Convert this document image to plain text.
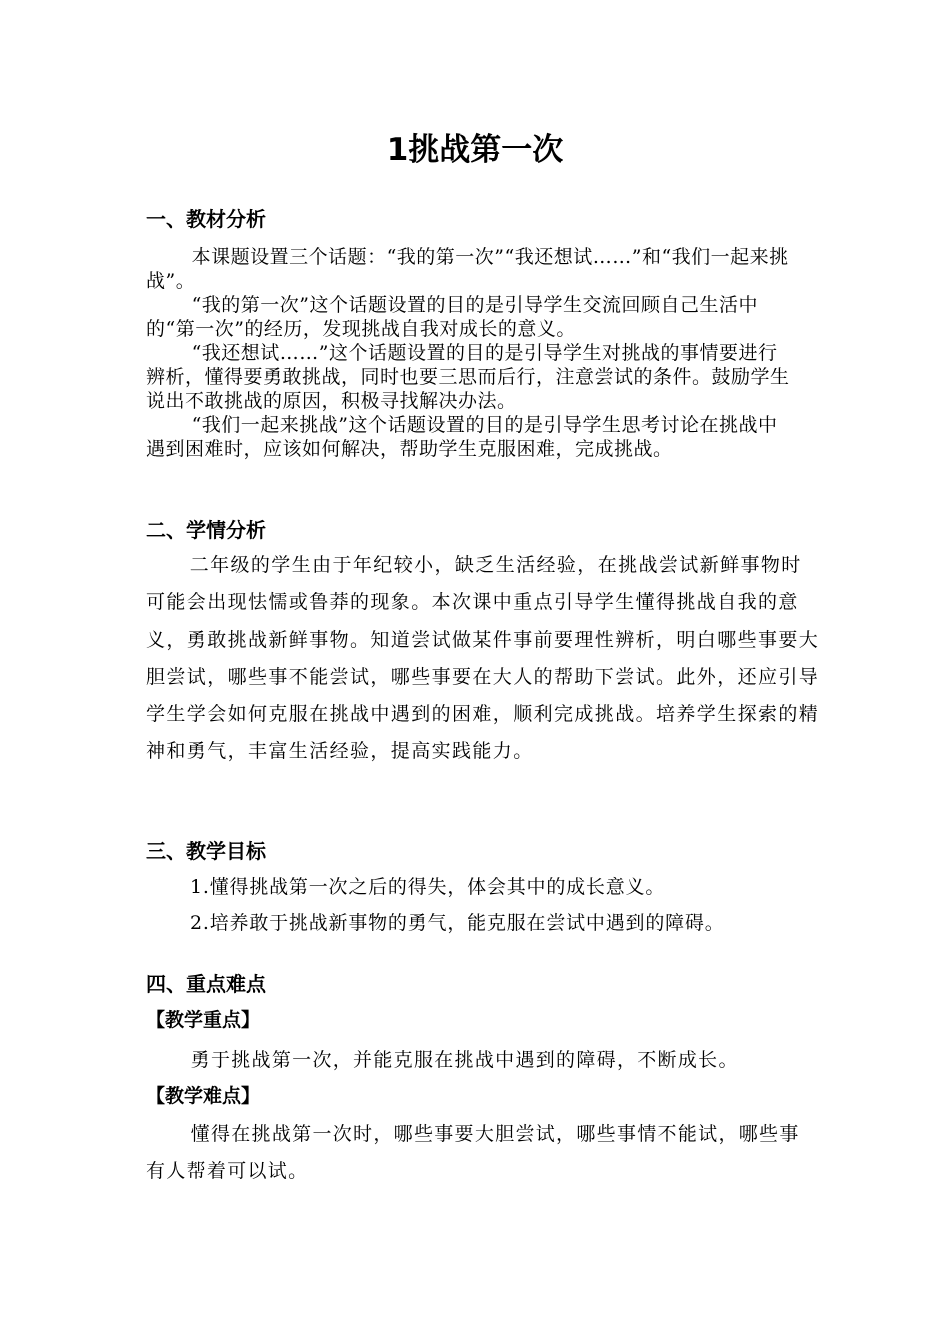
1挑战第一次
一、教材分析

本课题设置三个话题：“我的第一次”“我还想试……”和“我们一起来挑战”。

“我的第一次”这个话题设置的目的是引导学生交流回顾自己生活中的“第一次”的经历，发现挑战自我对成长的意义。

“我还想试……”这个话题设置的目的是引导学生对挑战的事情要进行辨析，懂得要勇敢挑战，同时也要三思而后行，注意尝试的条件。鼓励学生说出不敢挑战的原因，积极寻找解决办法。

“我们一起来挑战”这个话题设置的目的是引导学生思考讨论在挑战中遇到困难时，应该如何解决，帮助学生克服困难，完成挑战。

二、学情分析

二年级的学生由于年纪较小，缺乏生活经验，在挑战尝试新鲜事物时可能会出现怯懦或鲁莽的现象。本次课中重点引导学生懂得挑战自我的意义，勇敢挑战新鲜事物。知道尝试做某件事前要理性辨析，明白哪些事要大胆尝试，哪些事不能尝试，哪些事要在大人的帮助下尝试。此外，还应引导学生学会如何克服在挑战中遇到的困难，顺利完成挑战。培养学生探索的精神和勇气，丰富生活经验，提高实践能力。

三、教学目标

1.懂得挑战第一次之后的得失，体会其中的成长意义。

2.培养敢于挑战新事物的勇气，能克服在尝试中遇到的障碍。

四、重点难点
【教学重点】

勇于挑战第一次，并能克服在挑战中遇到的障碍，不断成长。

【教学难点】

懂得在挑战第一次时，哪些事要大胆尝试，哪些事情不能试，哪些事有人帮着可以试。
